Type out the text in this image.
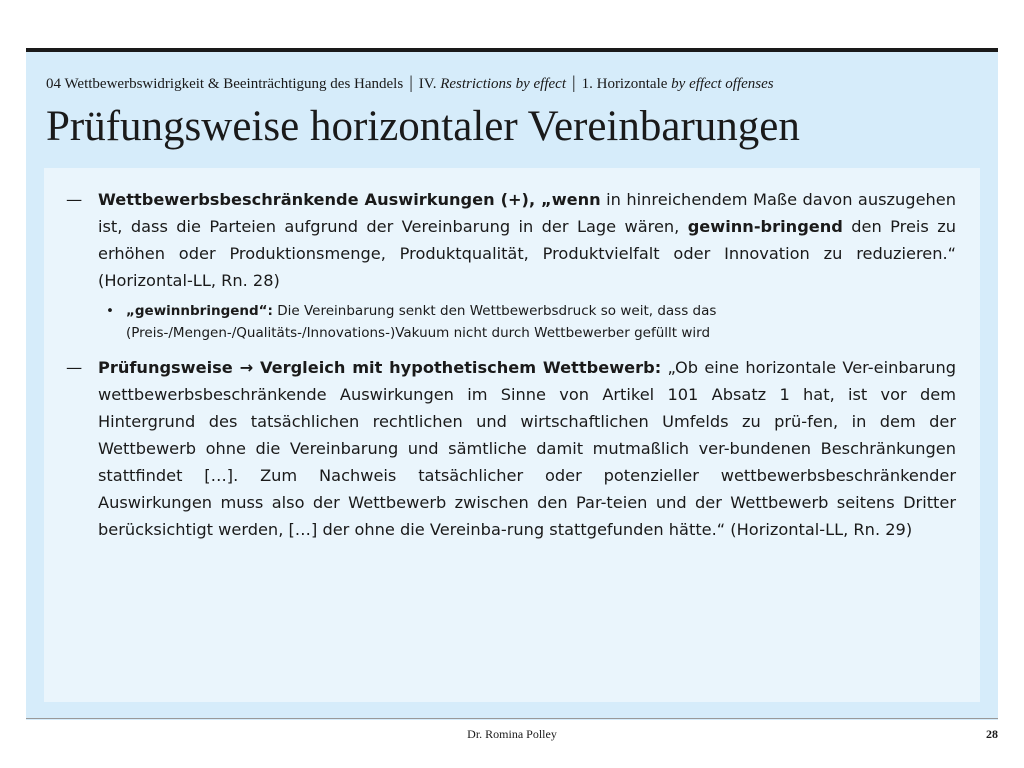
04 Wettbewerbswidrigkeit & Beeinträchtigung des Handels | IV. Restrictions by effect | 1. Horizontale by effect offenses
Prüfungsweise horizontaler Vereinbarungen
— Wettbewerbsbeschränkende Auswirkungen (+), „wenn in hinreichendem Maße davon auszugehen ist, dass die Parteien aufgrund der Vereinbarung in der Lage wären, gewinn-bringend den Preis zu erhöhen oder Produktionsmenge, Produktqualität, Produktvielfalt oder Innovation zu reduzieren.“ (Horizontal-LL, Rn. 28)
• „gewinnbringend“: Die Vereinbarung senkt den Wettbewerbsdruck so weit, dass das (Preis-/Mengen-/Qualitäts-/Innovations-)Vakuum nicht durch Wettbewerber gefüllt wird
— Prüfungsweise → Vergleich mit hypothetischem Wettbewerb: „Ob eine horizontale Ver-einbarung wettbewerbsbeschränkende Auswirkungen im Sinne von Artikel 101 Absatz 1 hat, ist vor dem Hintergrund des tatsächlichen rechtlichen und wirtschaftlichen Umfelds zu prü-fen, in dem der Wettbewerb ohne die Vereinbarung und sämtliche damit mutmaßlich ver-bundenen Beschränkungen stattfindet […]. Zum Nachweis tatsächlicher oder potenzieller wettbewerbsbeschränkender Auswirkungen muss also der Wettbewerb zwischen den Par-teien und der Wettbewerb seitens Dritter berücksichtigt werden, […] der ohne die Vereinba-rung stattgefunden hätte.“ (Horizontal-LL, Rn. 29)
Dr. Romina Polley	28
